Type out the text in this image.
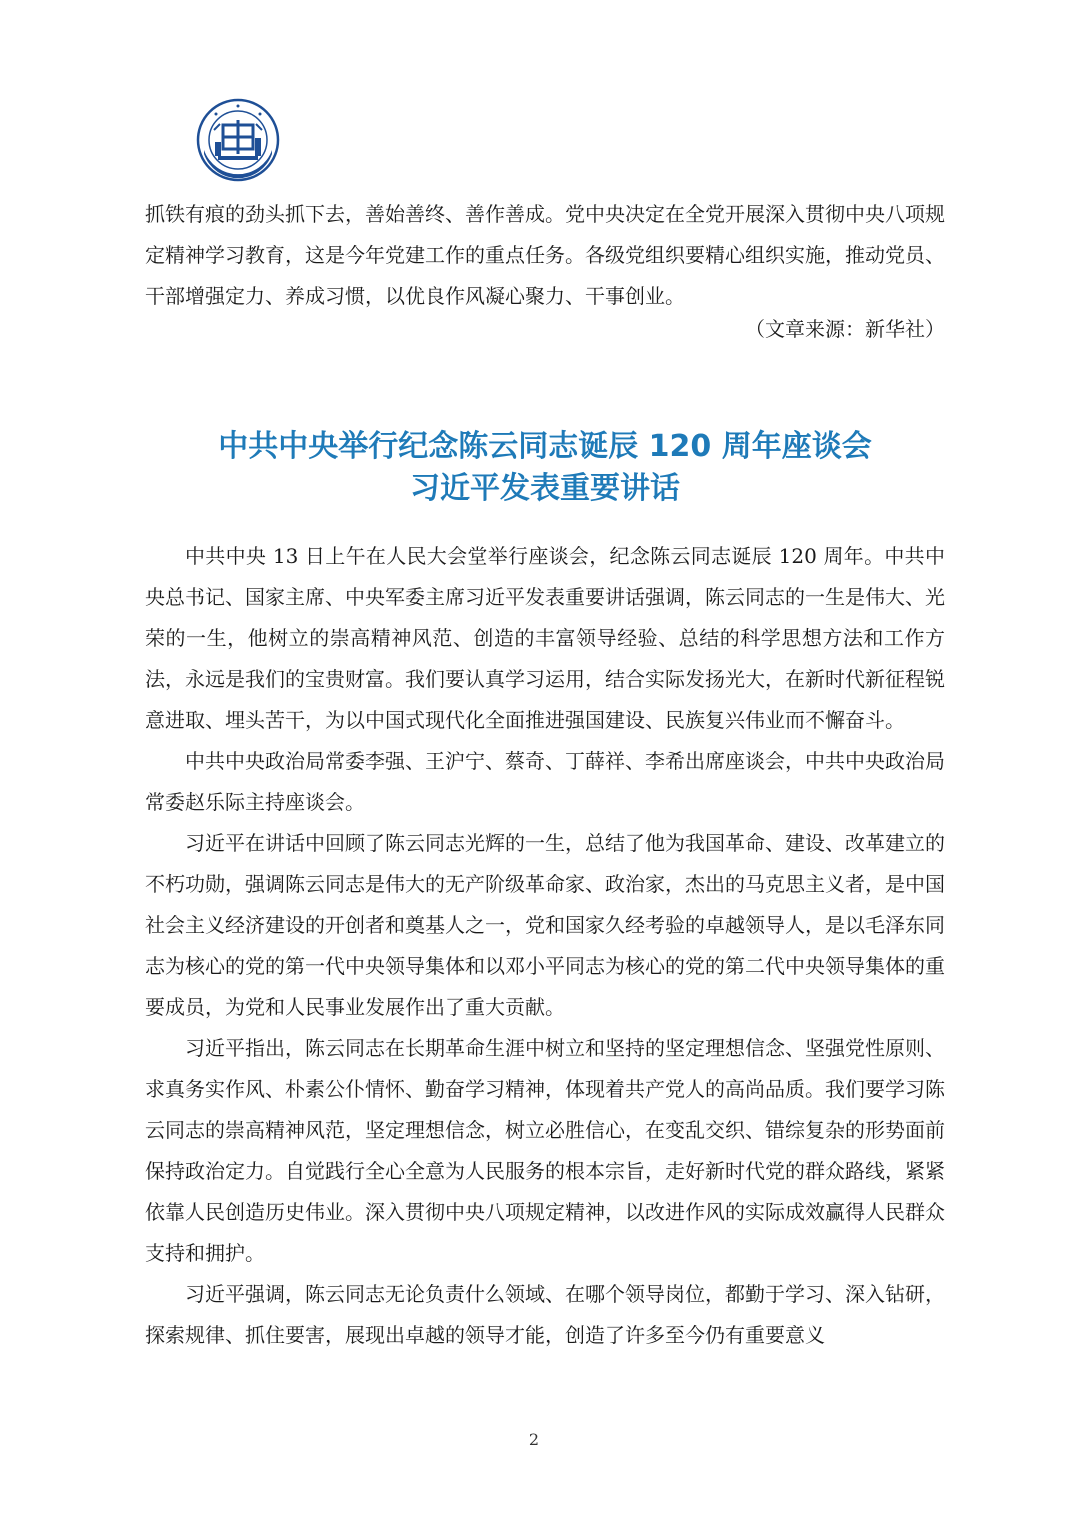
抓铁有痕的劲头抓下去，善始善终、善作善成。党中央决定在全党开展深入贯彻中央八项规定精神学习教育，这是今年党建工作的重点任务。各级党组织要精心组织实施，推动党员、干部增强定力、养成习惯，以优良作风凝心聚力、干事创业。

（文章来源：新华社）

中共中央举行纪念陈云同志诞辰 120 周年座谈会
习近平发表重要讲话

中共中央 13 日上午在人民大会堂举行座谈会，纪念陈云同志诞辰 120 周年。中共中央总书记、国家主席、中央军委主席习近平发表重要讲话强调，陈云同志的一生是伟大、光荣的一生，他树立的崇高精神风范、创造的丰富领导经验、总结的科学思想方法和工作方法，永远是我们的宝贵财富。我们要认真学习运用，结合实际发扬光大，在新时代新征程锐意进取、埋头苦干，为以中国式现代化全面推进强国建设、民族复兴伟业而不懈奋斗。

中共中央政治局常委李强、王沪宁、蔡奇、丁薛祥、李希出席座谈会，中共中央政治局常委赵乐际主持座谈会。

习近平在讲话中回顾了陈云同志光辉的一生，总结了他为我国革命、建设、改革建立的不朽功勋，强调陈云同志是伟大的无产阶级革命家、政治家，杰出的马克思主义者，是中国社会主义经济建设的开创者和奠基人之一，党和国家久经考验的卓越领导人，是以毛泽东同志为核心的党的第一代中央领导集体和以邓小平同志为核心的党的第二代中央领导集体的重要成员，为党和人民事业发展作出了重大贡献。

习近平指出，陈云同志在长期革命生涯中树立和坚持的坚定理想信念、坚强党性原则、求真务实作风、朴素公仆情怀、勤奋学习精神，体现着共产党人的高尚品质。我们要学习陈云同志的崇高精神风范，坚定理想信念，树立必胜信心，在变乱交织、错综复杂的形势面前保持政治定力。自觉践行全心全意为人民服务的根本宗旨，走好新时代党的群众路线，紧紧依靠人民创造历史伟业。深入贯彻中央八项规定精神，以改进作风的实际成效赢得人民群众支持和拥护。

习近平强调，陈云同志无论负责什么领域、在哪个领导岗位，都勤于学习、深入钻研，探索规律、抓住要害，展现出卓越的领导才能，创造了许多至今仍有重要意义

2
